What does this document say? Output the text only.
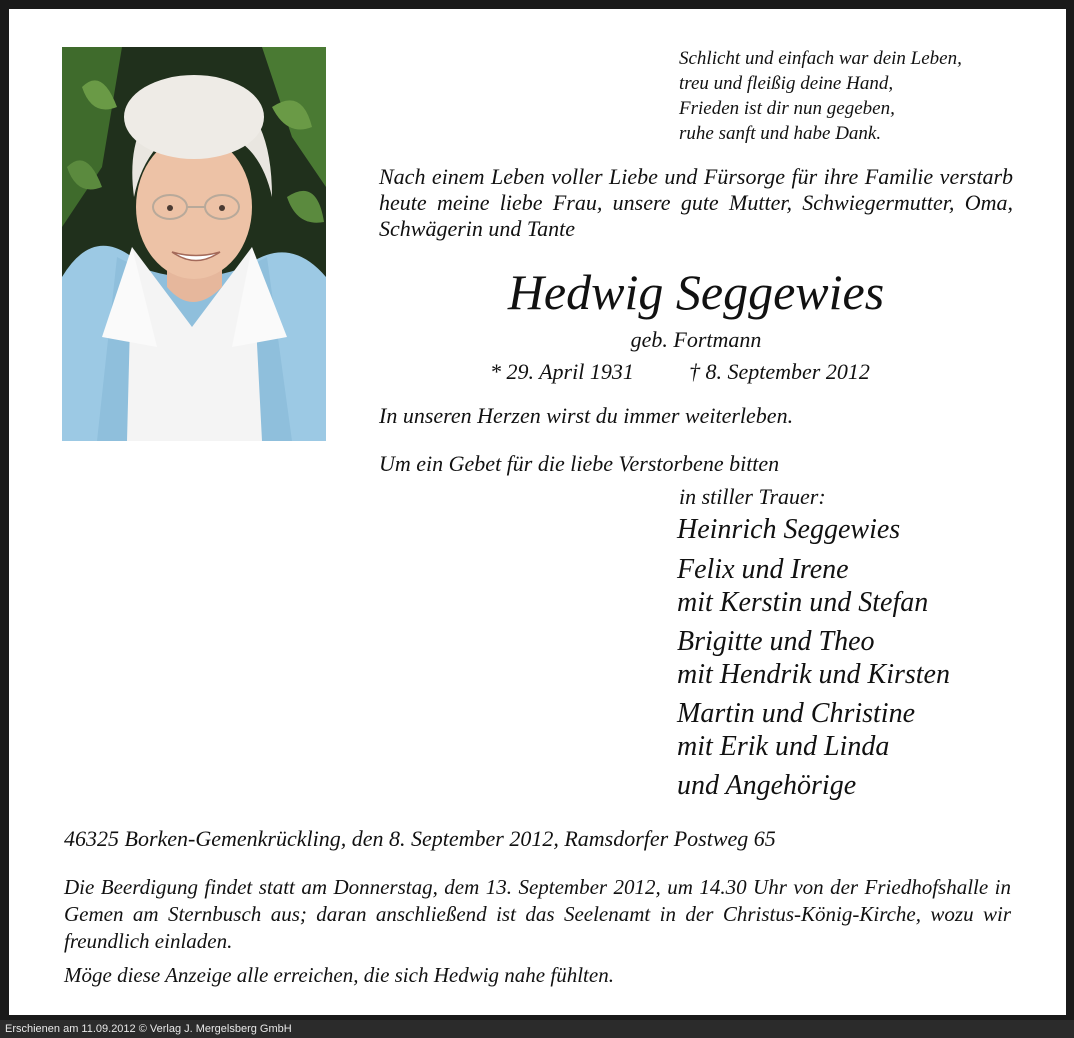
Schlicht und einfach war dein Leben,
treu und fleißig deine Hand,
Frieden ist dir nun gegeben,
ruhe sanft und habe Dank.
Nach einem Leben voller Liebe und Fürsorge für ihre Familie verstarb heute meine liebe Frau, unsere gute Mutter, Schwiegermutter, Oma, Schwägerin und Tante
Hedwig Seggewies
geb. Fortmann
* 29. April 1931	† 8. September 2012
In unseren Herzen wirst du immer weiterleben.
Um ein Gebet für die liebe Verstorbene bitten
in stiller Trauer:
Heinrich Seggewies
Felix und Irene
mit Kerstin und Stefan
Brigitte und Theo
mit Hendrik und Kirsten
Martin und Christine
mit Erik und Linda
und Angehörige
46325 Borken-Gemenkrückling, den 8. September 2012, Ramsdorfer Postweg 65
Die Beerdigung findet statt am Donnerstag, dem 13. September 2012, um 14.30 Uhr von der Friedhofshalle in Gemen am Sternbusch aus; daran anschließend ist das Seelenamt in der Christus-König-Kirche, wozu wir freundlich einladen.
Möge diese Anzeige alle erreichen, die sich Hedwig nahe fühlten.
Erschienen am 11.09.2012 © Verlag J. Mergelsberg GmbH
